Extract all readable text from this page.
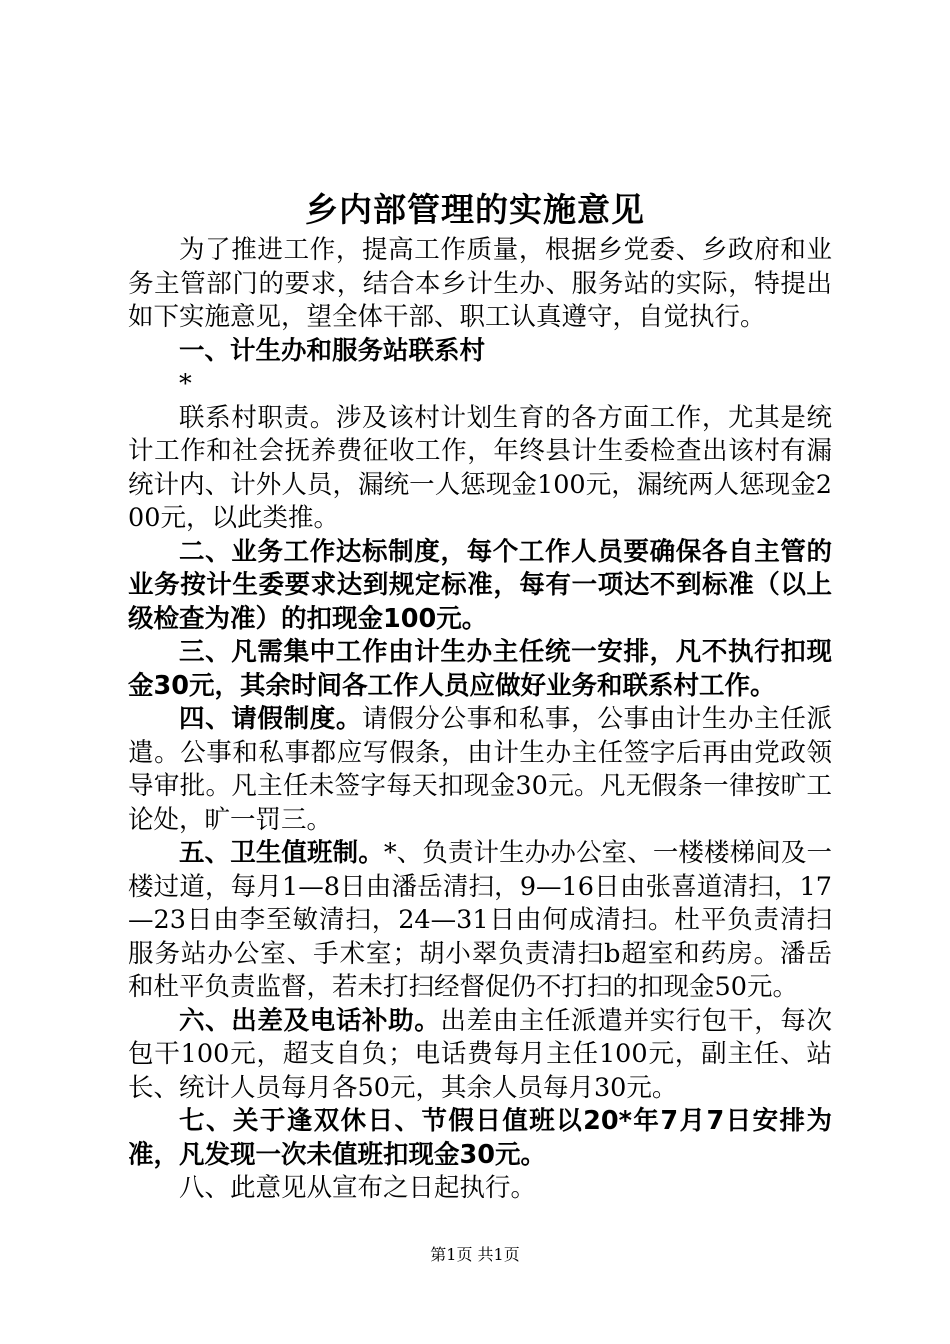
乡内部管理的实施意见

为了推进工作，提高工作质量，根据乡党委、乡政府和业务主管部门的要求，结合本乡计生办、服务站的实际，特提出如下实施意见，望全体干部、职工认真遵守，自觉执行。

一、计生办和服务站联系村

*

联系村职责。涉及该村计划生育的各方面工作，尤其是统计工作和社会抚养费征收工作，年终县计生委检查出该村有漏统计内、计外人员，漏统一人惩现金100元，漏统两人惩现金200元，以此类推。

二、业务工作达标制度，每个工作人员要确保各自主管的业务按计生委要求达到规定标准，每有一项达不到标准（以上级检查为准）的扣现金100元。

三、凡需集中工作由计生办主任统一安排，凡不执行扣现金30元，其余时间各工作人员应做好业务和联系村工作。

四、请假制度。请假分公事和私事，公事由计生办主任派遣。公事和私事都应写假条，由计生办主任签字后再由党政领导审批。凡主任未签字每天扣现金30元。凡无假条一律按旷工论处，旷一罚三。

五、卫生值班制。*、负责计生办办公室、一楼楼梯间及一楼过道，每月1—8日由潘岳清扫，9—16日由张喜道清扫，17—23日由李至敏清扫，24—31日由何成清扫。杜平负责清扫服务站办公室、手术室；胡小翠负责清扫b超室和药房。潘岳和杜平负责监督，若未打扫经督促仍不打扫的扣现金50元。

六、出差及电话补助。出差由主任派遣并实行包干，每次包干100元，超支自负；电话费每月主任100元，副主任、站长、统计人员每月各50元，其余人员每月30元。

七、关于逢双休日、节假日值班以20*年7月7日安排为准，凡发现一次未值班扣现金30元。

八、此意见从宣布之日起执行。

第1页 共1页
